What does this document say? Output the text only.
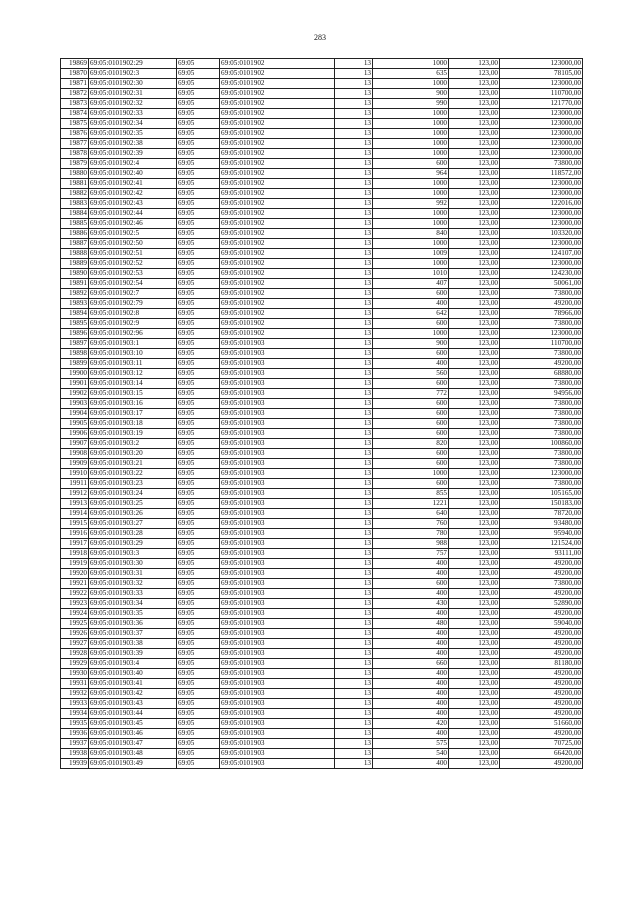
283
19869	69:05:0101902:29	69:05	69:05:0101902	13	1000	123,00	123000,00
19870	69:05:0101902:3	69:05	69:05:0101902	13	635	123,00	78105,00
19871	69:05:0101902:30	69:05	69:05:0101902	13	1000	123,00	123000,00
19872	69:05:0101902:31	69:05	69:05:0101902	13	900	123,00	110700,00
19873	69:05:0101902:32	69:05	69:05:0101902	13	990	123,00	121770,00
19874	69:05:0101902:33	69:05	69:05:0101902	13	1000	123,00	123000,00
19875	69:05:0101902:34	69:05	69:05:0101902	13	1000	123,00	123000,00
19876	69:05:0101902:35	69:05	69:05:0101902	13	1000	123,00	123000,00
19877	69:05:0101902:38	69:05	69:05:0101902	13	1000	123,00	123000,00
19878	69:05:0101902:39	69:05	69:05:0101902	13	1000	123,00	123000,00
19879	69:05:0101902:4	69:05	69:05:0101902	13	600	123,00	73800,00
19880	69:05:0101902:40	69:05	69:05:0101902	13	964	123,00	118572,00
19881	69:05:0101902:41	69:05	69:05:0101902	13	1000	123,00	123000,00
19882	69:05:0101902:42	69:05	69:05:0101902	13	1000	123,00	123000,00
19883	69:05:0101902:43	69:05	69:05:0101902	13	992	123,00	122016,00
19884	69:05:0101902:44	69:05	69:05:0101902	13	1000	123,00	123000,00
19885	69:05:0101902:46	69:05	69:05:0101902	13	1000	123,00	123000,00
19886	69:05:0101902:5	69:05	69:05:0101902	13	840	123,00	103320,00
19887	69:05:0101902:50	69:05	69:05:0101902	13	1000	123,00	123000,00
19888	69:05:0101902:51	69:05	69:05:0101902	13	1009	123,00	124107,00
19889	69:05:0101902:52	69:05	69:05:0101902	13	1000	123,00	123000,00
19890	69:05:0101902:53	69:05	69:05:0101902	13	1010	123,00	124230,00
19891	69:05:0101902:54	69:05	69:05:0101902	13	407	123,00	50061,00
19892	69:05:0101902:7	69:05	69:05:0101902	13	600	123,00	73800,00
19893	69:05:0101902:79	69:05	69:05:0101902	13	400	123,00	49200,00
19894	69:05:0101902:8	69:05	69:05:0101902	13	642	123,00	78966,00
19895	69:05:0101902:9	69:05	69:05:0101902	13	600	123,00	73800,00
19896	69:05:0101902:96	69:05	69:05:0101902	13	1000	123,00	123000,00
19897	69:05:0101903:1	69:05	69:05:0101903	13	900	123,00	110700,00
19898	69:05:0101903:10	69:05	69:05:0101903	13	600	123,00	73800,00
19899	69:05:0101903:11	69:05	69:05:0101903	13	400	123,00	49200,00
19900	69:05:0101903:12	69:05	69:05:0101903	13	560	123,00	68880,00
19901	69:05:0101903:14	69:05	69:05:0101903	13	600	123,00	73800,00
19902	69:05:0101903:15	69:05	69:05:0101903	13	772	123,00	94956,00
19903	69:05:0101903:16	69:05	69:05:0101903	13	600	123,00	73800,00
19904	69:05:0101903:17	69:05	69:05:0101903	13	600	123,00	73800,00
19905	69:05:0101903:18	69:05	69:05:0101903	13	600	123,00	73800,00
19906	69:05:0101903:19	69:05	69:05:0101903	13	600	123,00	73800,00
19907	69:05:0101903:2	69:05	69:05:0101903	13	820	123,00	100860,00
19908	69:05:0101903:20	69:05	69:05:0101903	13	600	123,00	73800,00
19909	69:05:0101903:21	69:05	69:05:0101903	13	600	123,00	73800,00
19910	69:05:0101903:22	69:05	69:05:0101903	13	1000	123,00	123000,00
19911	69:05:0101903:23	69:05	69:05:0101903	13	600	123,00	73800,00
19912	69:05:0101903:24	69:05	69:05:0101903	13	855	123,00	105165,00
19913	69:05:0101903:25	69:05	69:05:0101903	13	1221	123,00	150183,00
19914	69:05:0101903:26	69:05	69:05:0101903	13	640	123,00	78720,00
19915	69:05:0101903:27	69:05	69:05:0101903	13	760	123,00	93480,00
19916	69:05:0101903:28	69:05	69:05:0101903	13	780	123,00	95940,00
19917	69:05:0101903:29	69:05	69:05:0101903	13	988	123,00	121524,00
19918	69:05:0101903:3	69:05	69:05:0101903	13	757	123,00	93111,00
19919	69:05:0101903:30	69:05	69:05:0101903	13	400	123,00	49200,00
19920	69:05:0101903:31	69:05	69:05:0101903	13	400	123,00	49200,00
19921	69:05:0101903:32	69:05	69:05:0101903	13	600	123,00	73800,00
19922	69:05:0101903:33	69:05	69:05:0101903	13	400	123,00	49200,00
19923	69:05:0101903:34	69:05	69:05:0101903	13	430	123,00	52890,00
19924	69:05:0101903:35	69:05	69:05:0101903	13	400	123,00	49200,00
19925	69:05:0101903:36	69:05	69:05:0101903	13	480	123,00	59040,00
19926	69:05:0101903:37	69:05	69:05:0101903	13	400	123,00	49200,00
19927	69:05:0101903:38	69:05	69:05:0101903	13	400	123,00	49200,00
19928	69:05:0101903:39	69:05	69:05:0101903	13	400	123,00	49200,00
19929	69:05:0101903:4	69:05	69:05:0101903	13	660	123,00	81180,00
19930	69:05:0101903:40	69:05	69:05:0101903	13	400	123,00	49200,00
19931	69:05:0101903:41	69:05	69:05:0101903	13	400	123,00	49200,00
19932	69:05:0101903:42	69:05	69:05:0101903	13	400	123,00	49200,00
19933	69:05:0101903:43	69:05	69:05:0101903	13	400	123,00	49200,00
19934	69:05:0101903:44	69:05	69:05:0101903	13	400	123,00	49200,00
19935	69:05:0101903:45	69:05	69:05:0101903	13	420	123,00	51660,00
19936	69:05:0101903:46	69:05	69:05:0101903	13	400	123,00	49200,00
19937	69:05:0101903:47	69:05	69:05:0101903	13	575	123,00	70725,00
19938	69:05:0101903:48	69:05	69:05:0101903	13	540	123,00	66420,00
19939	69:05:0101903:49	69:05	69:05:0101903	13	400	123,00	49200,00
